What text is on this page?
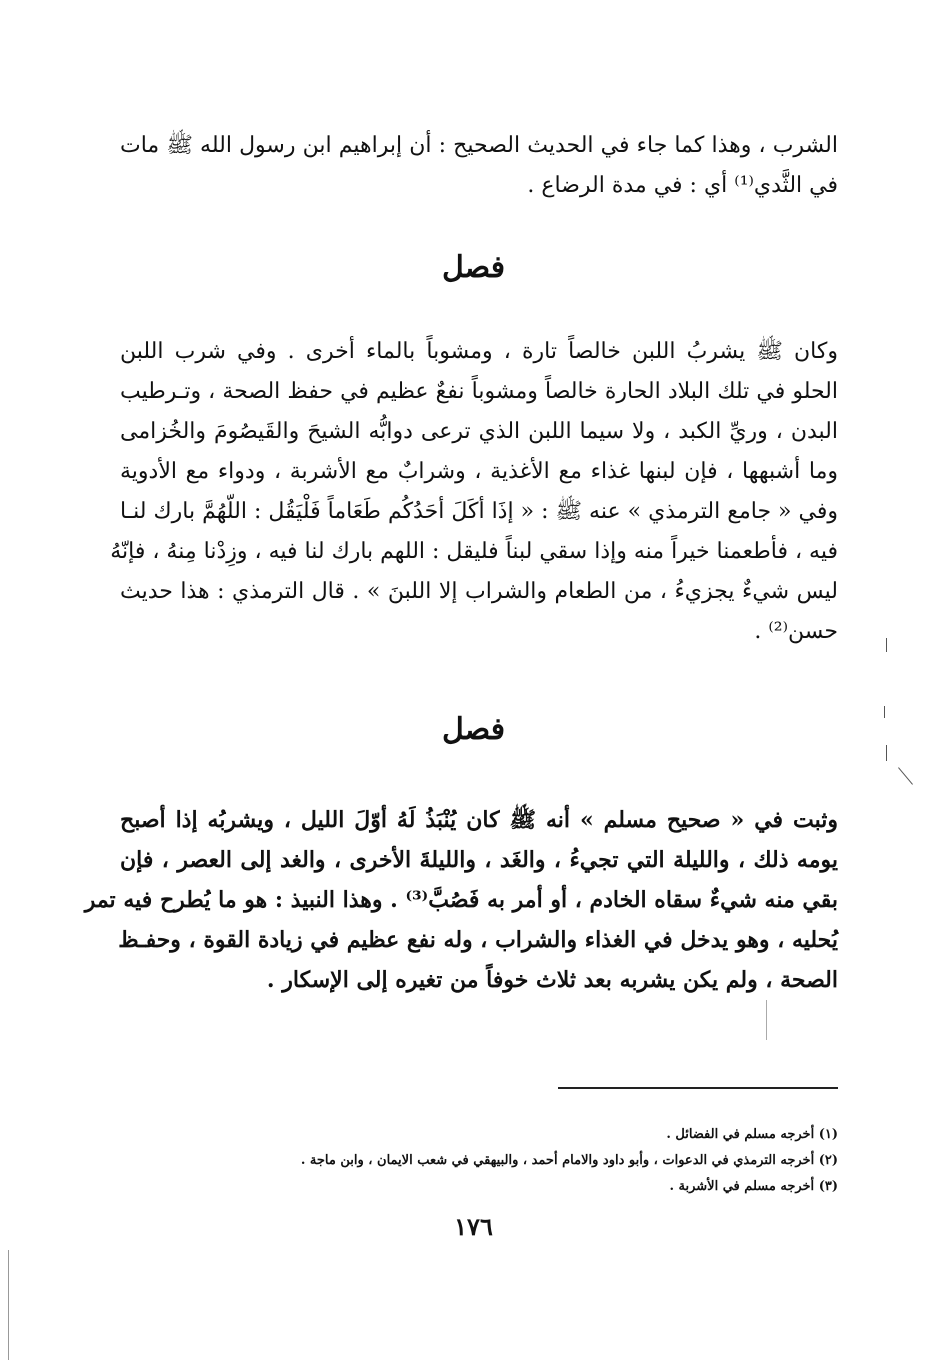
الشرب ، وهذا كما جاء في الحديث الصحيح : أن إبراهيم ابن رسول الله ﷺ مات
في الثَّدي⁽¹⁾ أي : في مدة الرضاع .
فصل
وكان ﷺ يشربُ اللبن خالصاً تارة ، ومشوباً بالماء أخرى . وفي شرب اللبن
الحلو في تلك البلاد الحارة خالصاً ومشوباً نفعٌ عظيم في حفظ الصحة ، وتـرطيب
البدن ، وريِّ الكبد ، ولا سيما اللبن الذي ترعى دوابُّه الشيحَ والقَيصُومَ والخُزامى
وما أشبهها ، فإن لبنها غذاء مع الأغذية ، وشرابٌ مع الأشربة ، ودواء مع الأدوية
وفي « جامع الترمذي » عنه ﷺ : « إذَا أكَلَ أحَدُكُم طَعَاماً فَلْيَقُل : اللّهُمَّ بارك لنـا
فيه ، فأطعمنا خيراً منه وإذا سقي لبناً فليقل : اللهم بارك لنا فيه ، وزِدْنا مِنهُ ، فإنّهُ
ليس شيءٌ يجزيءُ ، من الطعام والشراب إلا اللبنَ » . قال الترمذي : هذا حديث
حسن⁽²⁾ .
فصل
وثبت في « صحيح مسلم » أنه ﷺ كان يُنْبَذُ لَهُ أوّلَ الليل ، ويشربُه إذا أصبح
يومه ذلك ، والليلة التي تجيءُ ، والغَد ، والليلةَ الأخرى ، والغد إلى العصر ، فإن
بقي منه شيءٌ سقاه الخادم ، أو أمر به فَصُبَّ⁽³⁾ . وهذا النبيذ : هو ما يُطرح فيه تمر
يُحليه ، وهو يدخل في الغذاء والشراب ، وله نفع عظيم في زيادة القوة ، وحفـظ
الصحة ، ولم يكن يشربه بعد ثلاث خوفاً من تغيره إلى الإسكار .
(١) أخرجه مسلم في الفضائل .
(٢) أخرجه الترمذي في الدعوات ، وأبو داود والامام أحمد ، والبيهقي في شعب الايمان ، وابن ماجة .
(٣) أخرجه مسلم في الأشربة .
١٧٦
